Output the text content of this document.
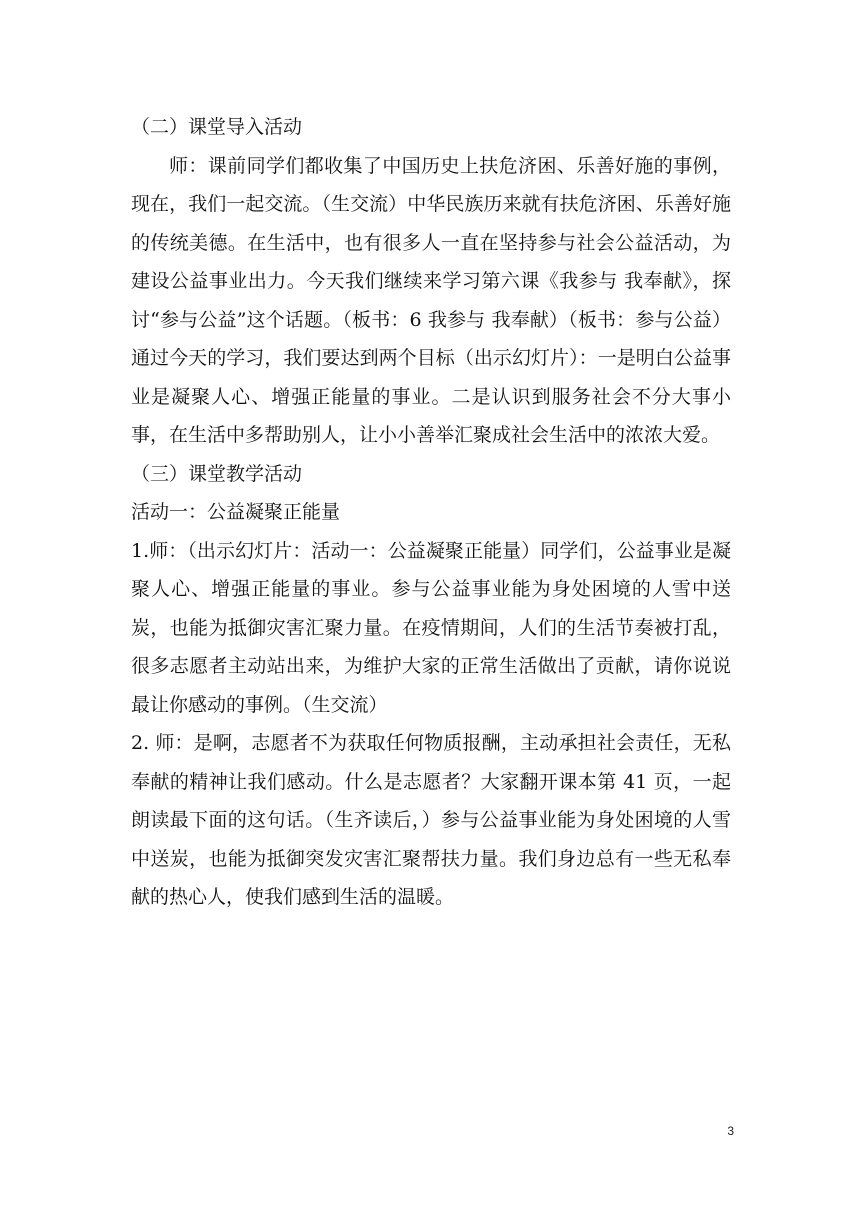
（二）课堂导入活动

师：课前同学们都收集了中国历史上扶危济困、乐善好施的事例，现在，我们一起交流。（生交流）中华民族历来就有扶危济困、乐善好施的传统美德。在生活中，也有很多人一直在坚持参与社会公益活动，为建设公益事业出力。今天我们继续来学习第六课《我参与 我奉献》，探讨“参与公益”这个话题。（板书：6 我参与 我奉献）（板书：参与公益）通过今天的学习，我们要达到两个目标（出示幻灯片）：一是明白公益事业是凝聚人心、增强正能量的事业。二是认识到服务社会不分大事小事，在生活中多帮助别人，让小小善举汇聚成社会生活中的浓浓大爱。

（三）课堂教学活动

活动一：公益凝聚正能量

1.师：（出示幻灯片：活动一：公益凝聚正能量）同学们，公益事业是凝聚人心、增强正能量的事业。参与公益事业能为身处困境的人雪中送炭，也能为抵御灾害汇聚力量。在疫情期间，人们的生活节奏被打乱，很多志愿者主动站出来，为维护大家的正常生活做出了贡献，请你说说最让你感动的事例。（生交流）

2. 师：是啊，志愿者不为获取任何物质报酬，主动承担社会责任，无私奉献的精神让我们感动。什么是志愿者？大家翻开课本第 41 页，一起朗读最下面的这句话。（生齐读后，）参与公益事业能为身处困境的人雪中送炭，也能为抵御突发灾害汇聚帮扶力量。我们身边总有一些无私奉献的热心人，使我们感到生活的温暖。

3
